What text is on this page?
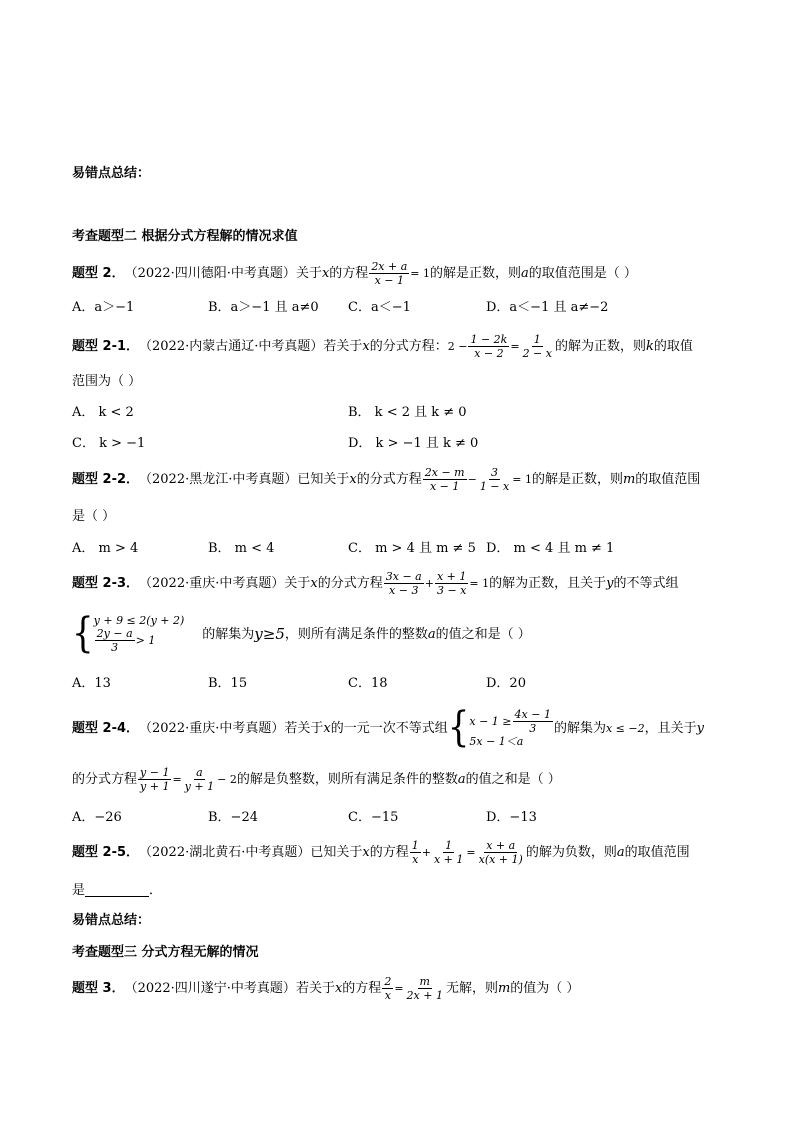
易错点总结：
考查题型二 根据分式方程解的情况求值
题型 2． （2022·四川德阳·中考真题） 关于 x 的方程 $\frac{2x + a}{x - 1} = 1$ 的解是正数，则 a 的取值范围是（ ）
A．a＞−1	B．a＞−1 且 a≠0 C．a＜−1	D．a＜−1 且 a≠−2
题型 2-1． （2022·内蒙古通辽·中考真题） 若关于 x 的分式方程： $2 - \frac{1 - 2k}{x - 2} = \frac{1}{2 - x}$ 的解为正数，则 k 的取值
范围为（ ）
A． k < 2	B． k < 2 且 k ≠ 0
C． k > −1	D． k > −1 且 k ≠ 0
题型 2-2． （2022·黑龙江·中考真题） 已知关于 x 的分式方程 $\frac{2x - m}{x - 1} - \frac{3}{1 - x} = 1$ 的解是正数，则 m 的取值范围
是（ ）
A． m > 4	B． m < 4	C． m > 4 且 m ≠ 5 D． m < 4 且 m ≠ 1
题型 2-3． （2022·重庆·中考真题） 关于 x 的分式方程 $\frac{3x - a}{x - 3} + \frac{x + 1}{3 - x} = 1$ 的解为正数，且关于 y 的不等式组
{ y + 9 ≤ 2(y + 2)
$\frac{2y - a}{3} > 1$	的解集为 y≥5 ，则所有满足条件的整数 a 的值之和是（ ）
A．13	B．15	C．18	D．20
题型 2-4． （2022·重庆·中考真题） 若关于 x 的一元一次不等式组 { $x - 1 \ge \frac{4x - 1}{3}$
5x − 1＜a
的解集为 x ≤ −2 ，且关于 y
的分式方程 $\frac{y - 1}{y + 1} = \frac{a}{y + 1} - 2$ 的解是负整数，则所有满足条件的整数 a 的值之和是（ ）
A．−26	B．−24	C．−15	D．−13
题型 2-5． （2022·湖北黄石·中考真题） 已知关于 x 的方程 $\frac{1}{x} + \frac{1}{x + 1} = \frac{x + a}{x(x + 1)}$ 的解为负数，则 a 的取值范围
是	．
易错点总结：
考查题型三 分式方程无解的情况
题型 3． （2022·四川遂宁·中考真题） 若关于 x 的方程 $\frac{2}{x} = \frac{m}{2x + 1}$ 无解，则 m 的值为（ ）
